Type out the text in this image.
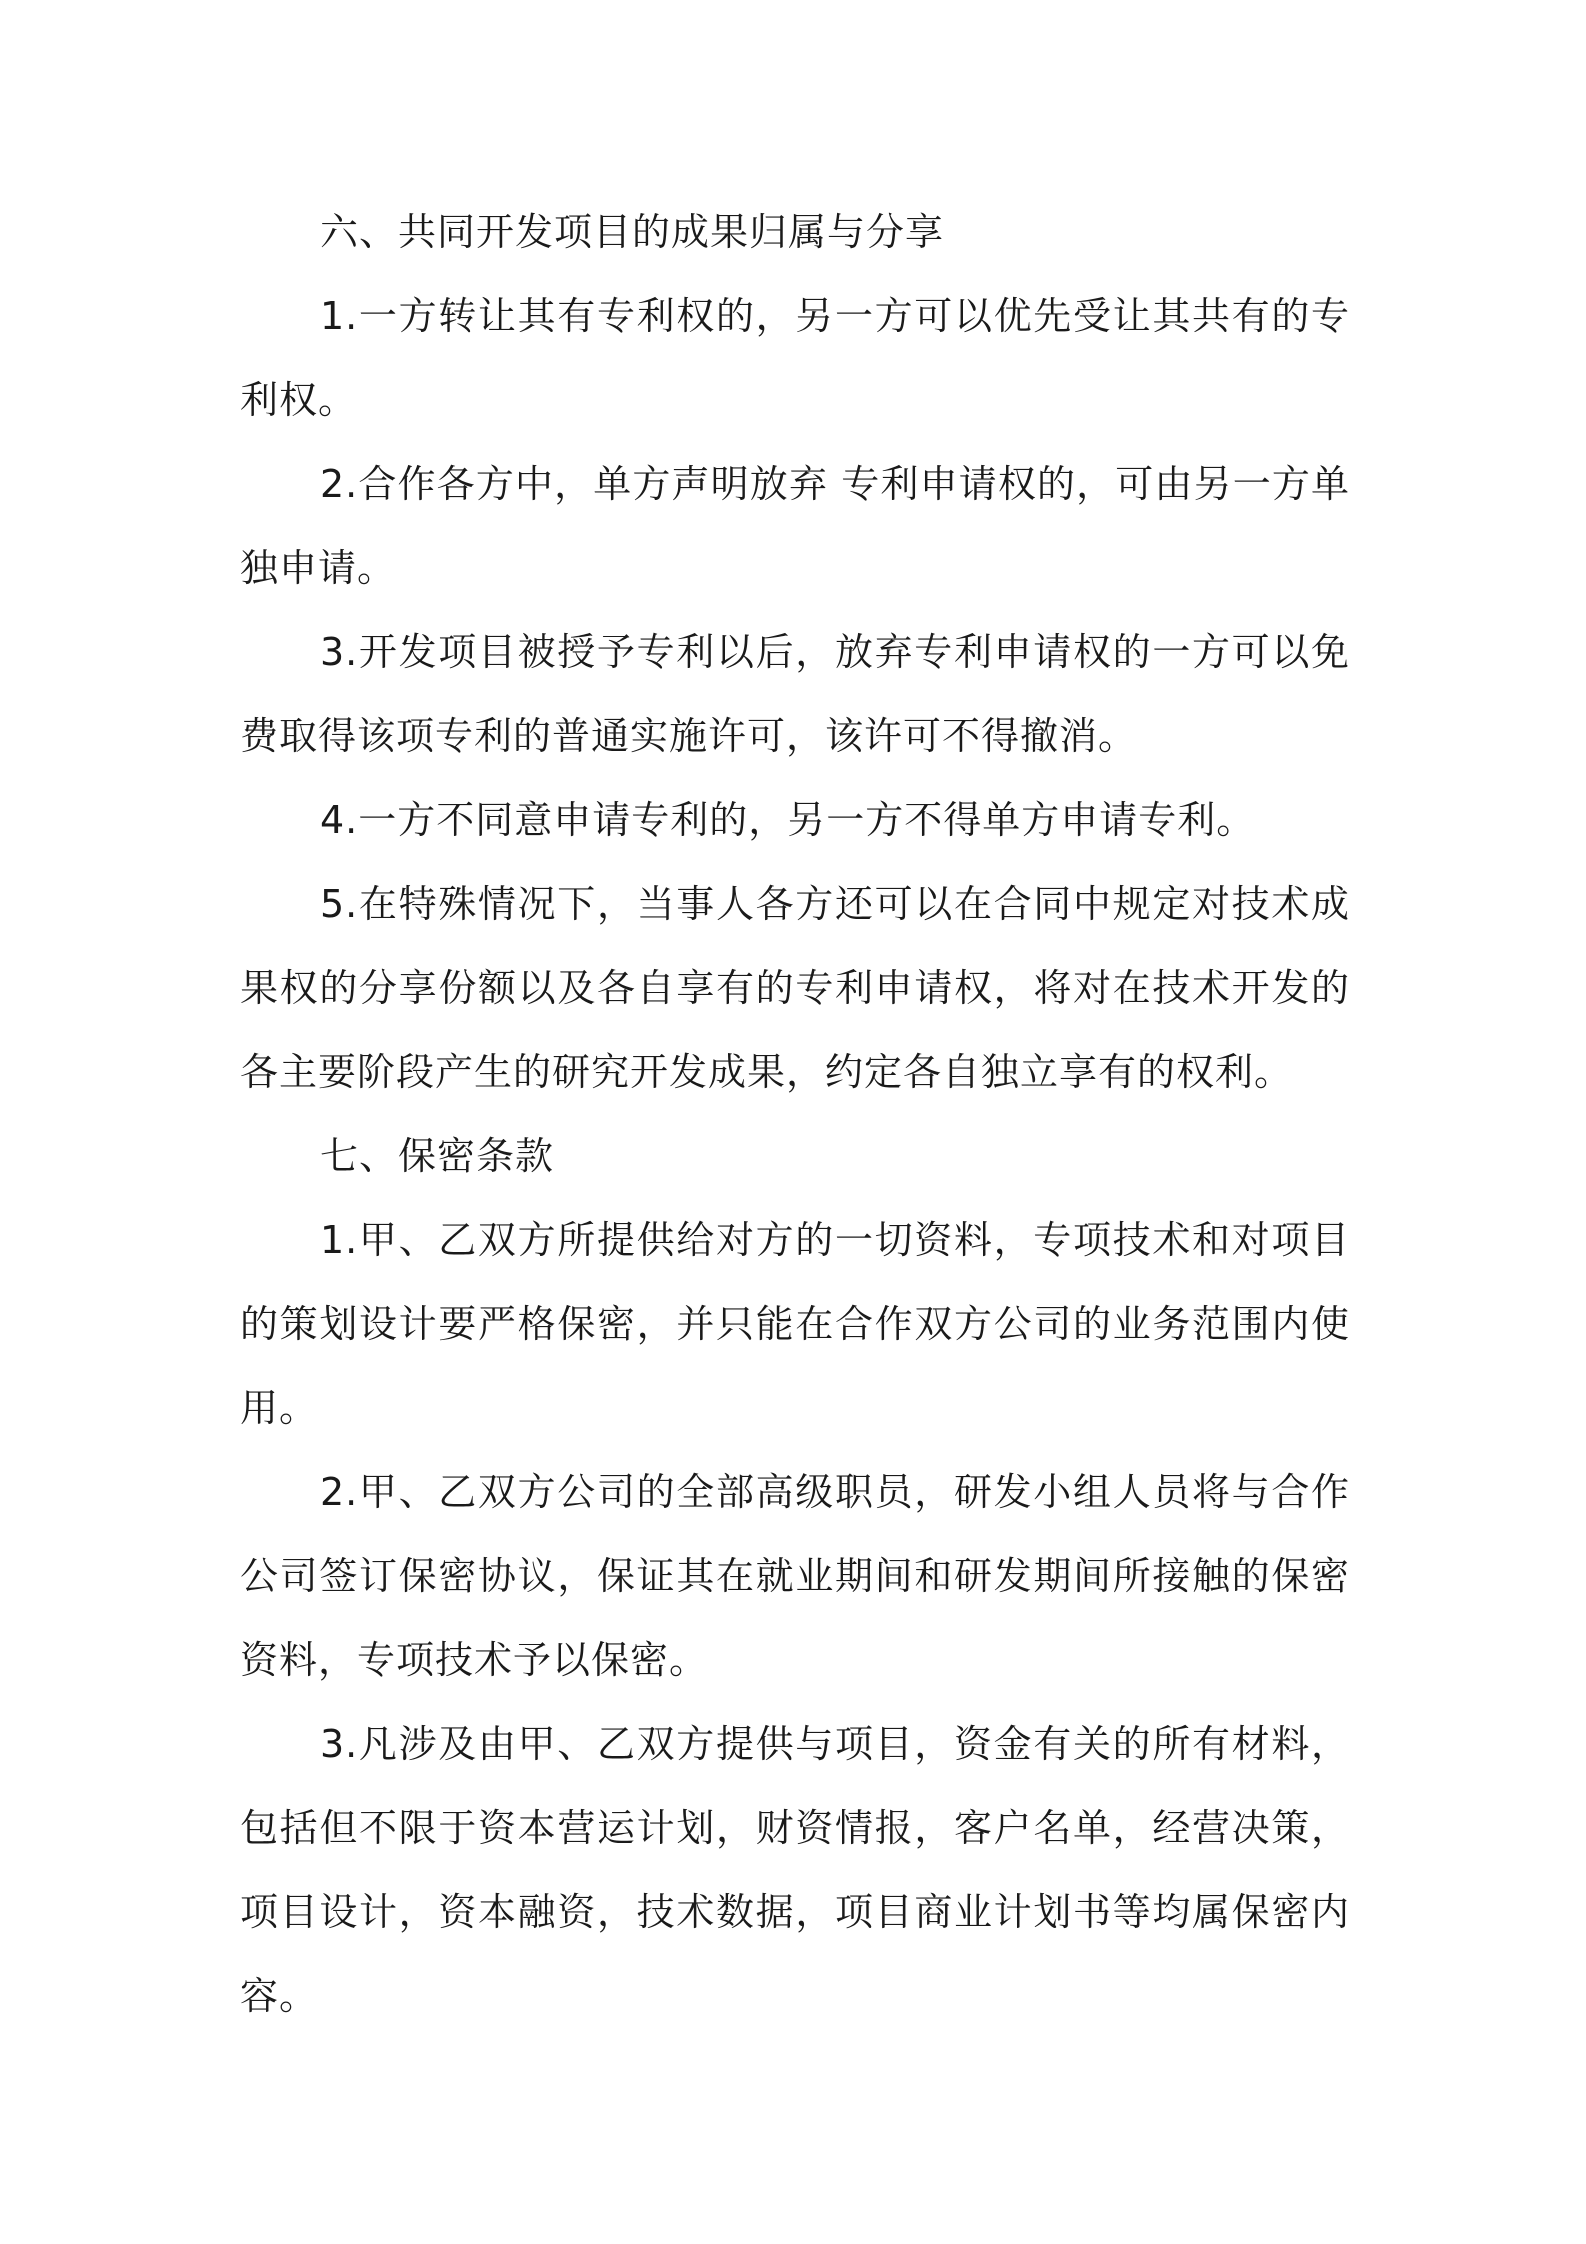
六、共同开发项目的成果归属与分享

1.一方转让其有专利权的，另一方可以优先受让其共有的专利权。

2.合作各方中，单方声明放弃 专利申请权的，可由另一方单独申请。

3.开发项目被授予专利以后，放弃专利申请权的一方可以免费取得该项专利的普通实施许可，该许可不得撤消。

4.一方不同意申请专利的，另一方不得单方申请专利。

5.在特殊情况下，当事人各方还可以在合同中规定对技术成果权的分享份额以及各自享有的专利申请权，将对在技术开发的各主要阶段产生的研究开发成果，约定各自独立享有的权利。

七、保密条款

1.甲、乙双方所提供给对方的一切资料，专项技术和对项目的策划设计要严格保密，并只能在合作双方公司的业务范围内使用。

2.甲、乙双方公司的全部高级职员，研发小组人员将与合作公司签订保密协议，保证其在就业期间和研发期间所接触的保密资料，专项技术予以保密。

3.凡涉及由甲、乙双方提供与项目，资金有关的所有材料，包括但不限于资本营运计划，财资情报，客户名单，经营决策，项目设计，资本融资，技术数据，项目商业计划书等均属保密内容。
